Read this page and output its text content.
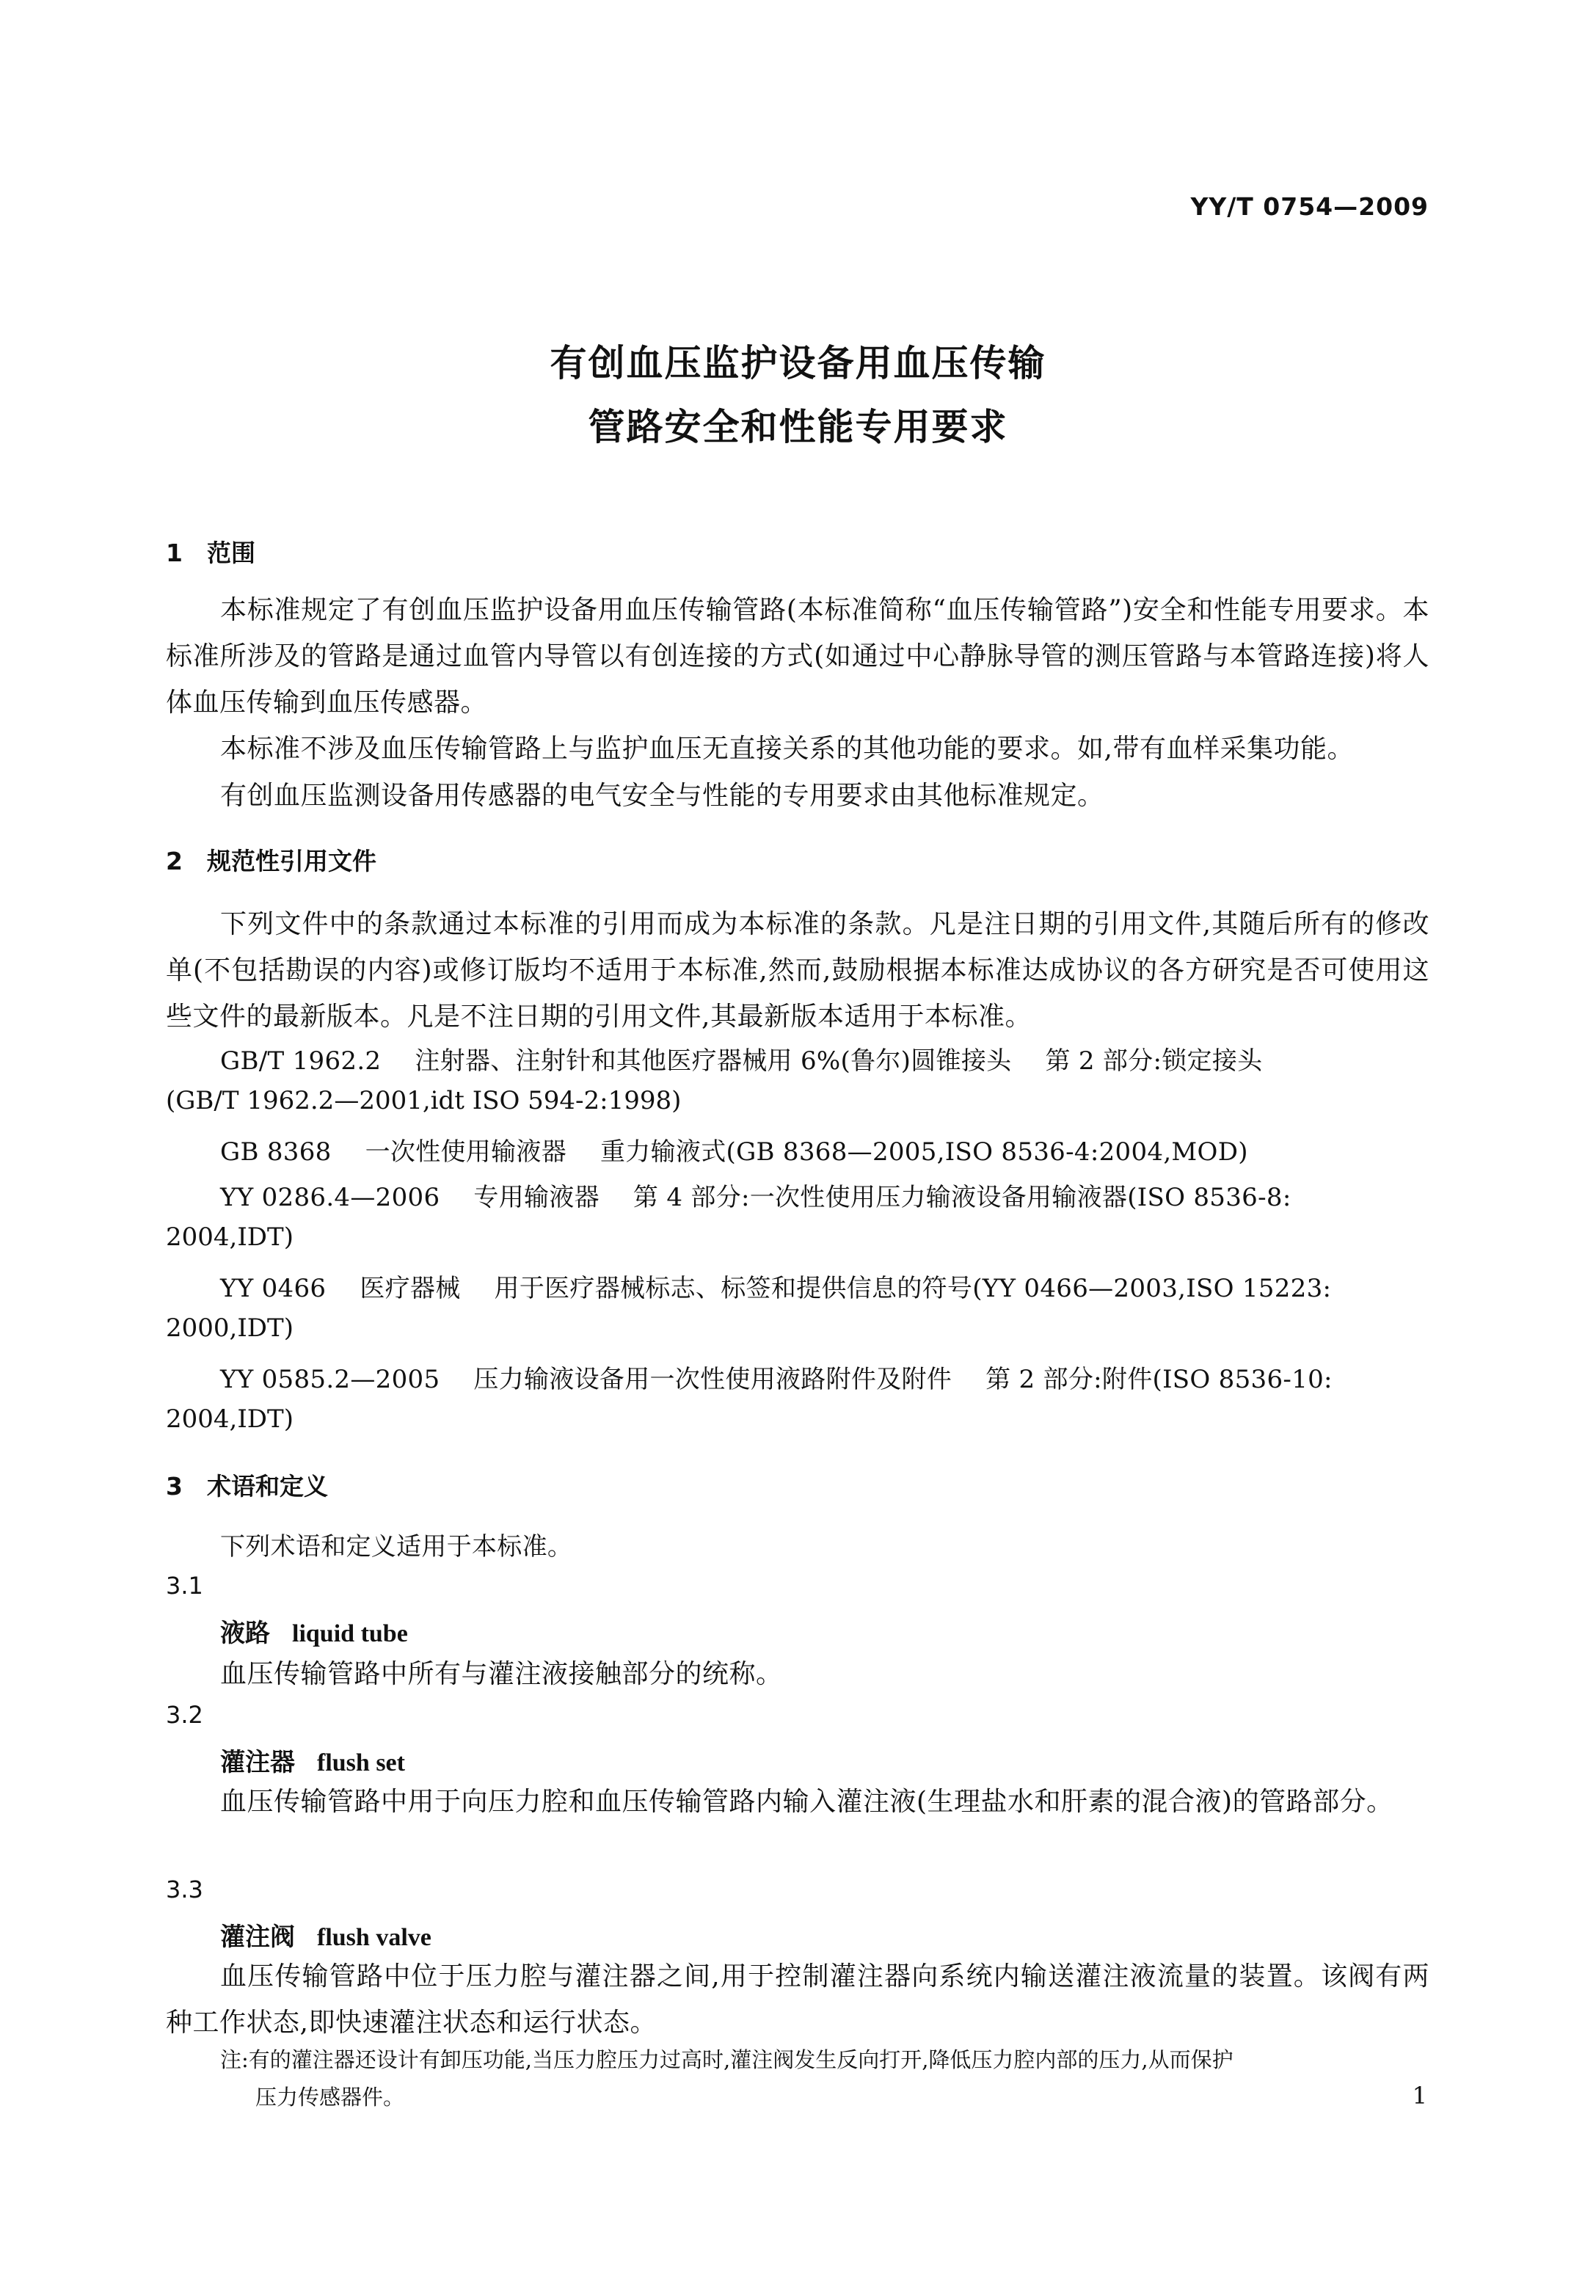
YY/T 0754—2009
有创血压监护设备用血压传输
管路安全和性能专用要求
1 范围
本标准规定了有创血压监护设备用血压传输管路(本标准简称“血压传输管路”)安全和性能专用要求。本标准所涉及的管路是通过血管内导管以有创连接的方式(如通过中心静脉导管的测压管路与本管路连接)将人体血压传输到血压传感器。
本标准不涉及血压传输管路上与监护血压无直接关系的其他功能的要求。如,带有血样采集功能。
有创血压监测设备用传感器的电气安全与性能的专用要求由其他标准规定。
2 规范性引用文件
下列文件中的条款通过本标准的引用而成为本标准的条款。凡是注日期的引用文件,其随后所有的修改单(不包括勘误的内容)或修订版均不适用于本标准,然而,鼓励根据本标准达成协议的各方研究是否可使用这些文件的最新版本。凡是不注日期的引用文件,其最新版本适用于本标准。
GB/T 1962.2 注射器、注射针和其他医疗器械用 6%(鲁尔)圆锥接头 第 2 部分:锁定接头
(GB/T 1962.2—2001,idt ISO 594-2:1998)
GB 8368 一次性使用输液器 重力输液式(GB 8368—2005,ISO 8536-4:2004,MOD)
YY 0286.4—2006 专用输液器 第 4 部分:一次性使用压力输液设备用输液器(ISO 8536-8:
2004,IDT)
YY 0466 医疗器械 用于医疗器械标志、标签和提供信息的符号(YY 0466—2003,ISO 15223:
2000,IDT)
YY 0585.2—2005 压力输液设备用一次性使用液路附件及附件 第 2 部分:附件(ISO 8536-10:
2004,IDT)
3 术语和定义
下列术语和定义适用于本标准。
3.1
液路 liquid tube
血压传输管路中所有与灌注液接触部分的统称。
3.2
灌注器 flush set
血压传输管路中用于向压力腔和血压传输管路内输入灌注液(生理盐水和肝素的混合液)的管路部分。
3.3
灌注阀 flush valve
血压传输管路中位于压力腔与灌注器之间,用于控制灌注器向系统内输送灌注液流量的装置。该阀有两种工作状态,即快速灌注状态和运行状态。
注:有的灌注器还设计有卸压功能,当压力腔压力过高时,灌注阀发生反向打开,降低压力腔内部的压力,从而保护
压力传感器件。	1
